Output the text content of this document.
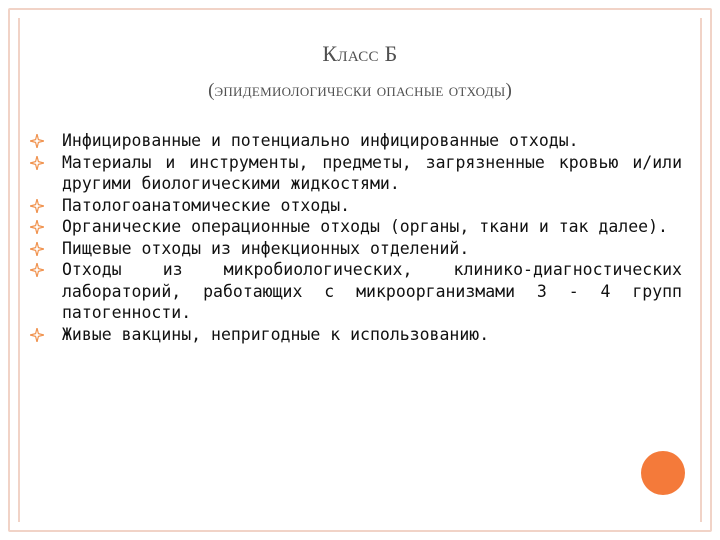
Класс Б
(эпидемиологически опасные отходы)
Инфицированные и потенциально инфицированные отходы.
Материалы и инструменты, предметы, загрязненные кровью и/или другими биологическими жидкостями.
Патологоанатомические отходы.
Органические операционные отходы (органы, ткани и так далее).
Пищевые отходы из инфекционных отделений.
Отходы из микробиологических, клинико-диагностических лабораторий, работающих с микроорганизмами 3 - 4 групп патогенности.
Живые вакцины, непригодные к использованию.
